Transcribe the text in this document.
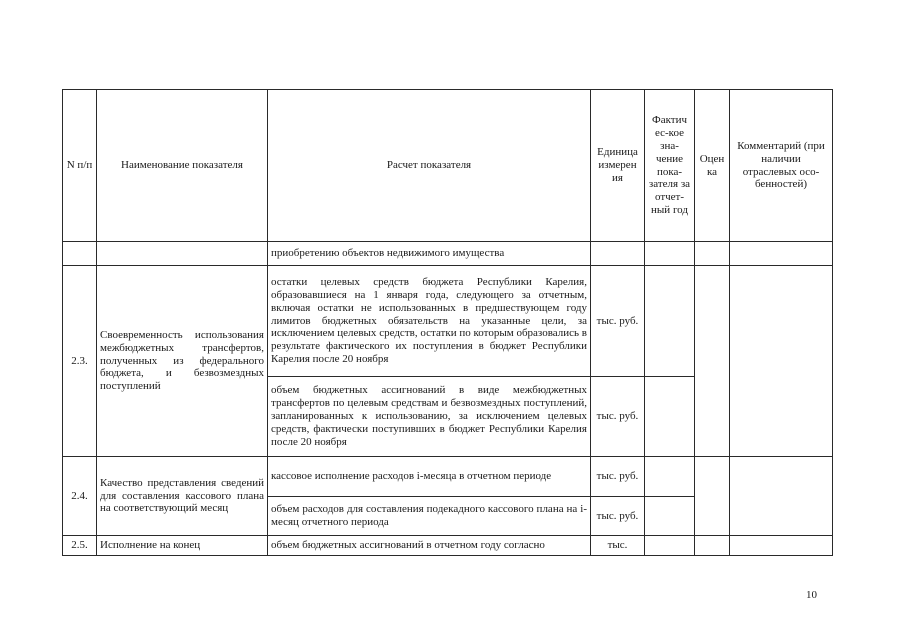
N п/п	Наименование показателя	Расчет показателя	Единица измерен ия	Фактич ес-кое зна- чение пока- зателя за отчет- ный год	Оцен ка	Комментарий (при наличии отраслевых осо- бенностей)
		приобретению объектов недвижимого имущества				
2.3.	Своевременность использования межбюджетных трансфертов, полученных из федерального бюджета, и безвозмездных поступлений	остатки целевых средств бюджета Республики Карелия, образовавшиеся на 1 января года, следующего за отчетным, включая остатки не использованных в предшествующем году лимитов бюджетных обязательств на указанные цели, за исключением целевых средств, остатки по которым образовались в результате фактического их поступления в бюджет Республики Карелия после 20 ноября	тыс. руб.			
		объем бюджетных ассигнований в виде межбюджетных трансфертов по целевым средствам и безвозмездных поступлений, запланированных к использованию, за исключением целевых средств, фактически поступивших в бюджет Республики Карелия после 20 ноября	тыс. руб.			
2.4.	Качество представления сведений для составления кассового плана на соответствующий месяц	кассовое исполнение расходов i-месяца в отчетном периоде	тыс. руб.			
		объем расходов для составления подекадного кассового плана на i-месяц отчетного периода	тыс. руб.			
2.5.	Исполнение на конец	объем бюджетных ассигнований в отчетном году согласно	тыс.			
10
